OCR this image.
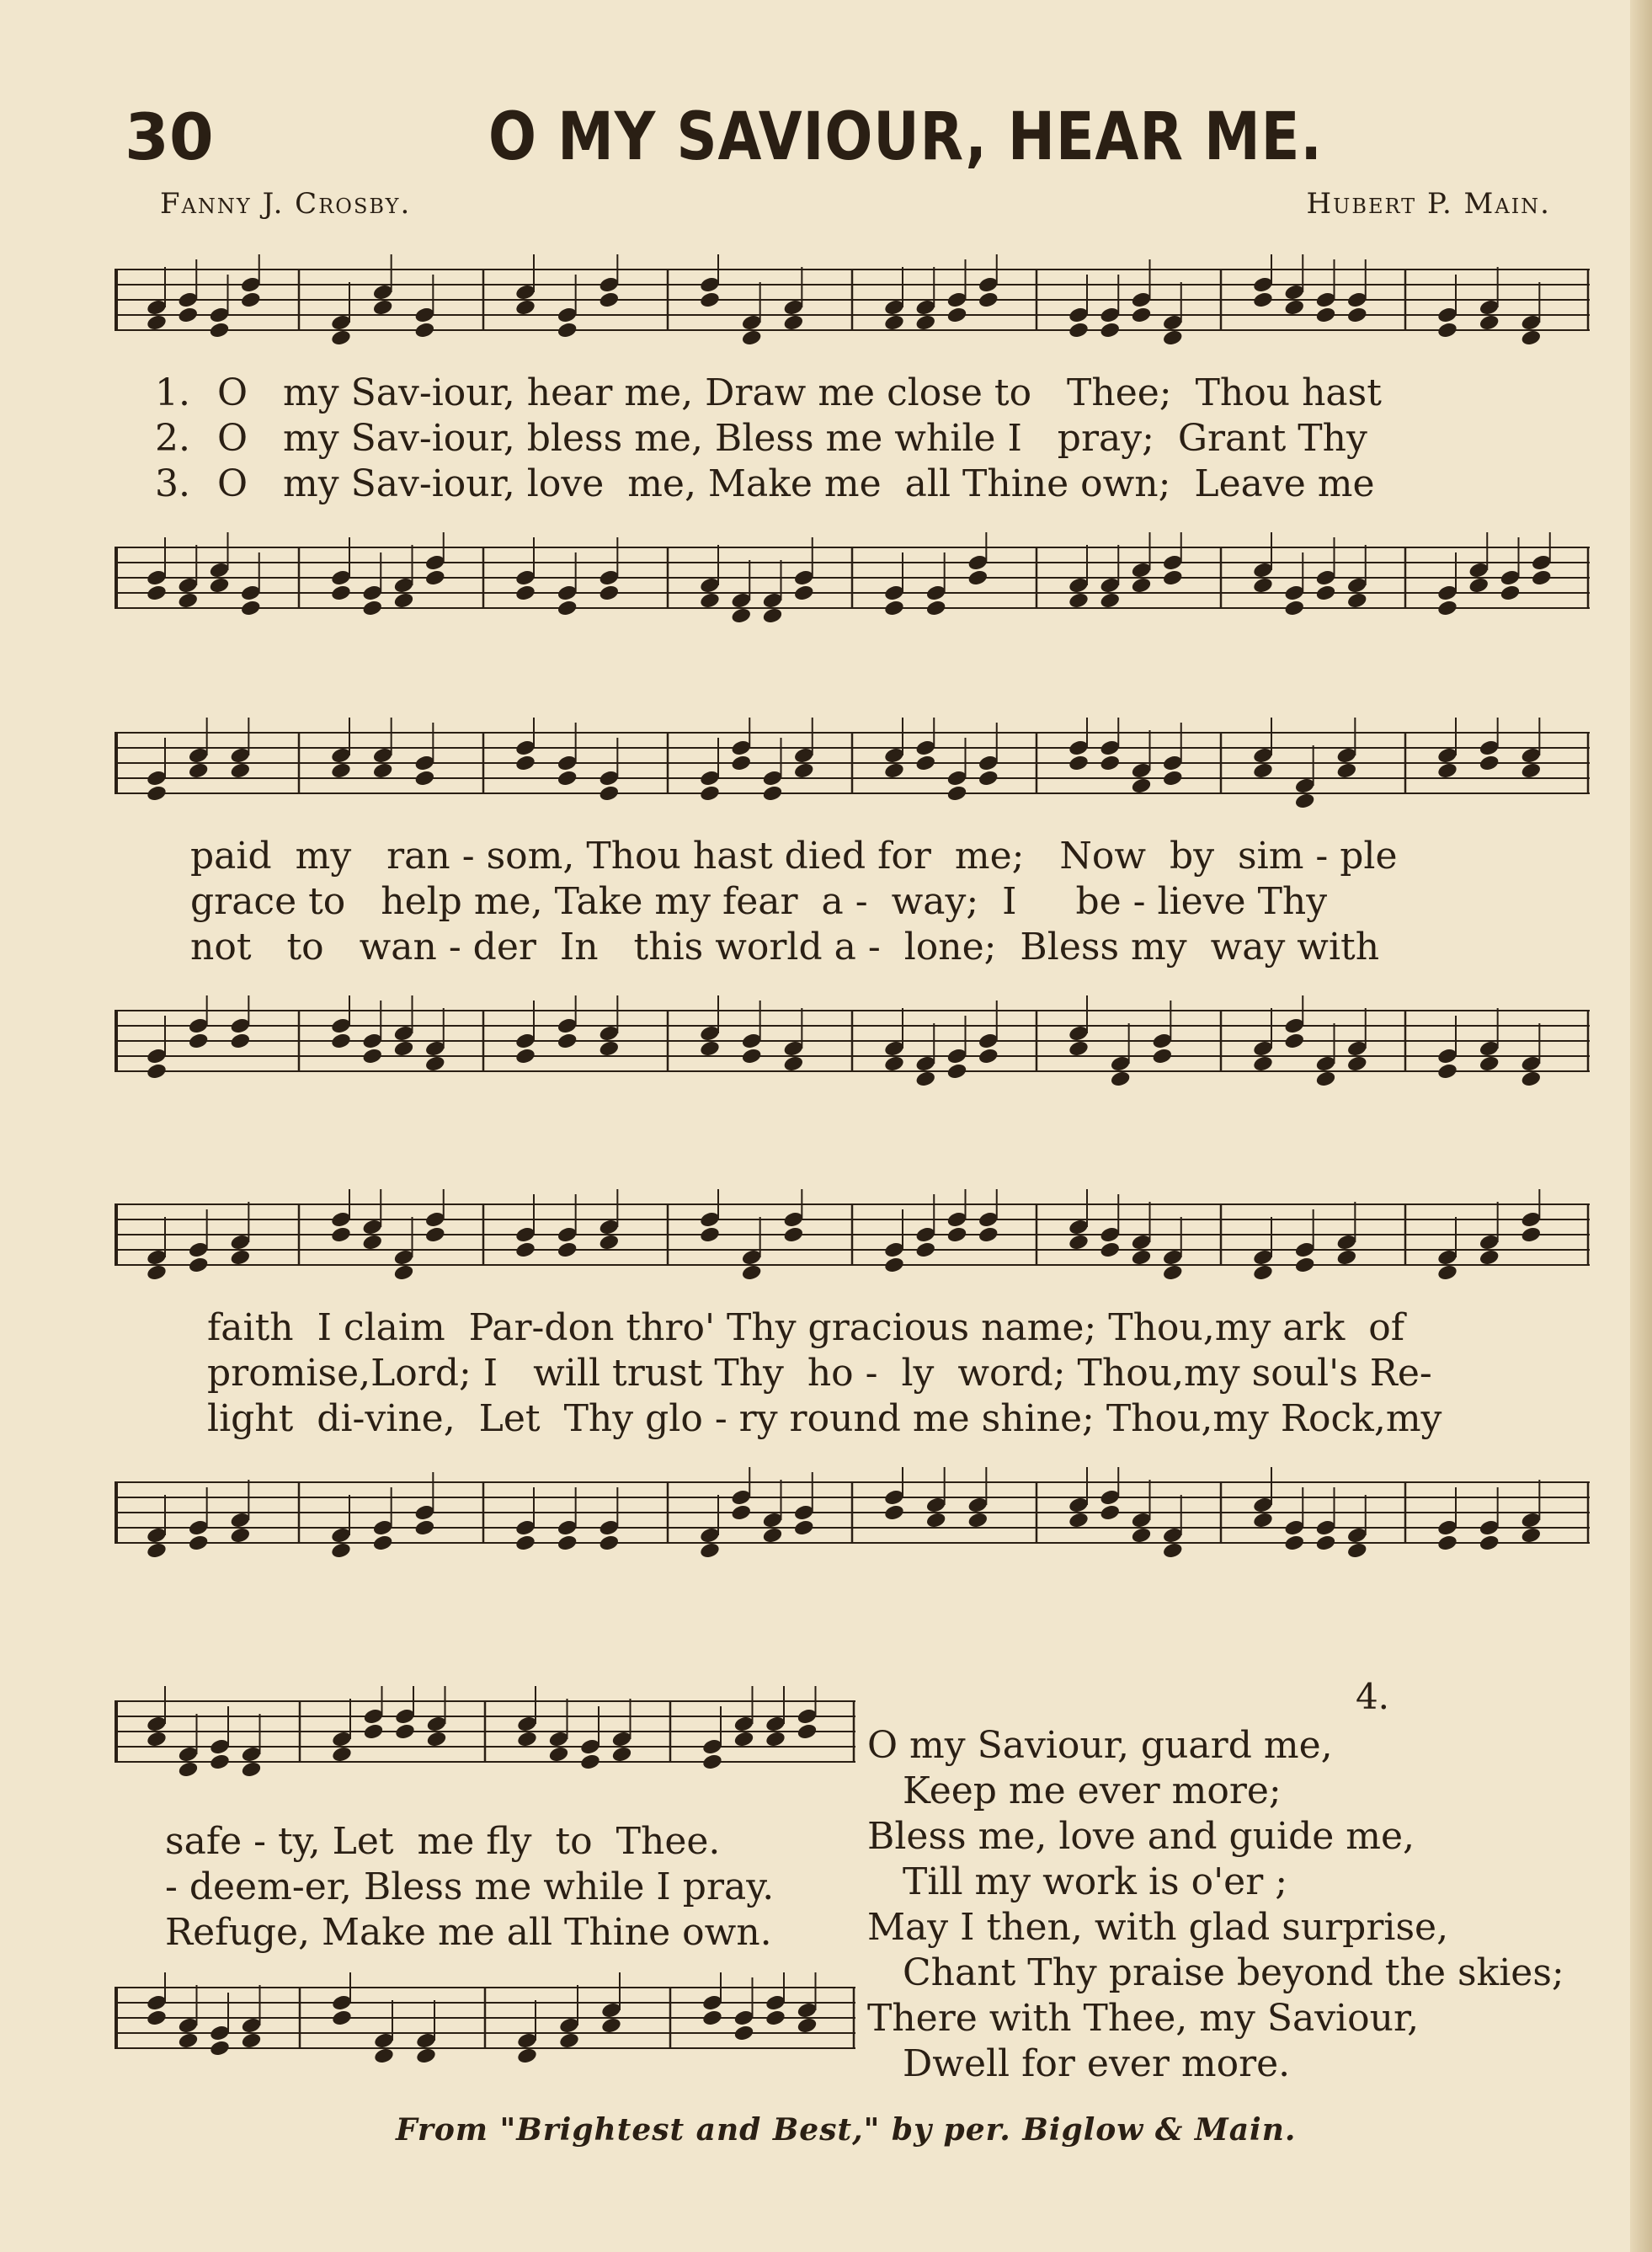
30	O MY SAVIOUR, HEAR ME.
Fanny J. Crosby.	Hubert P. Main.
1. O   my Sav-iour, hear me, Draw me close to   Thee;  Thou hast
2. O   my Sav-iour, bless me, Bless me while I   pray;  Grant Thy
3. O   my Sav-iour, love  me, Make me  all Thine own;  Leave me
paid  my   ran - som, Thou hast died for  me;   Now  by  sim - ple
grace to   help me, Take my fear  a -  way;  I     be - lieve Thy
not   to   wan - der  In   this world a -  lone;  Bless my  way with
faith  I claim  Par-don thro' Thy gracious name; Thou,my ark  of
promise,Lord; I   will trust Thy  ho -  ly  word; Thou,my soul's Re-
light  di-vine,  Let  Thy glo - ry round me shine; Thou,my Rock,my
safe - ty, Let  me fly  to  Thee.
- deem-er, Bless me while I pray.
Refuge, Make me all Thine own.
4.
O my Saviour, guard me,
Keep me ever more;
Bless me, love and guide me,
Till my work is o'er ;
May I then, with glad surprise,
Chant Thy praise beyond the skies;
There with Thee, my Saviour,
Dwell for ever more.
From "Brightest and Best," by per. Biglow & Main.
